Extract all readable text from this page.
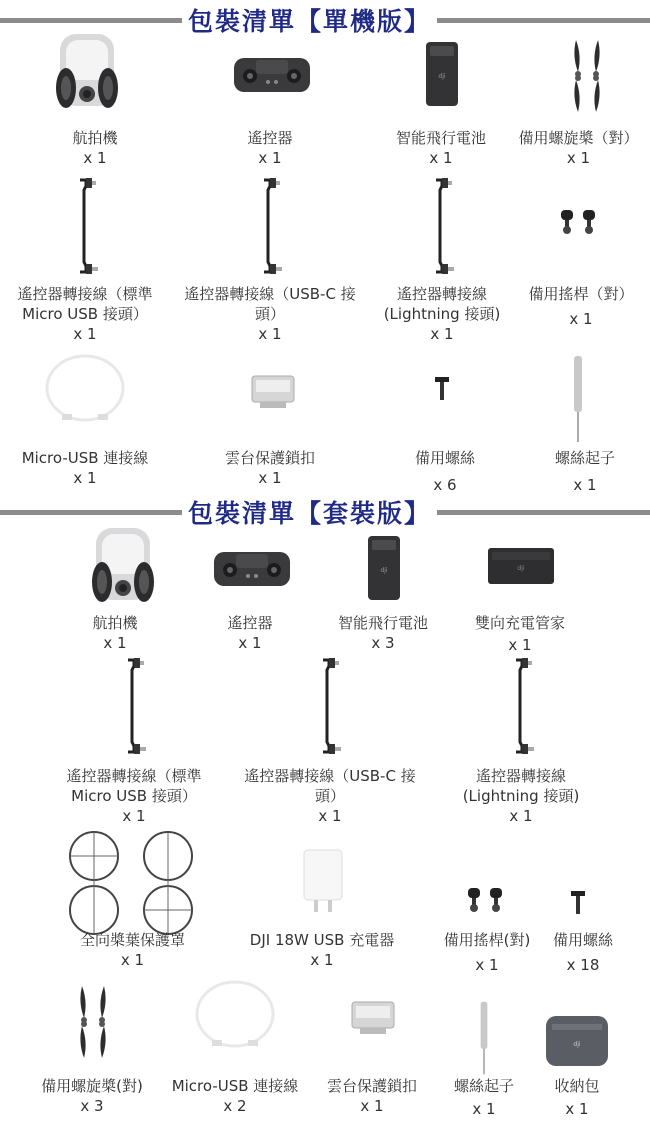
包裝清單【單機版】
航拍機
x 1
遙控器
x 1
智能飛行電池
x 1
備用螺旋槳（對）
x 1
遙控器轉接線（標準
Micro USB 接頭）
x 1
遙控器轉接線（USB-C 接
頭）
x 1
遙控器轉接線
(Lightning 接頭)
x 1
備用搖桿（對）
x 1
Micro-USB 連接線
x 1
雲台保護鎖扣
x 1
備用螺絲
x 6
螺絲起子
x 1
包裝清單【套裝版】
航拍機
x 1
遙控器
x 1
智能飛行電池
x 3
雙向充電管家
x 1
遙控器轉接線（標準
Micro USB 接頭）
x 1
遙控器轉接線（USB-C 接
頭）
x 1
遙控器轉接線
(Lightning 接頭)
x 1
全向槳葉保護罩
x 1
DJI 18W USB 充電器
x 1
備用搖桿(對)
x 1
備用螺絲
x 18
備用螺旋槳(對)
x 3
Micro-USB 連接線
x 2
雲台保護鎖扣
x 1
螺絲起子
x 1
收納包
x 1
